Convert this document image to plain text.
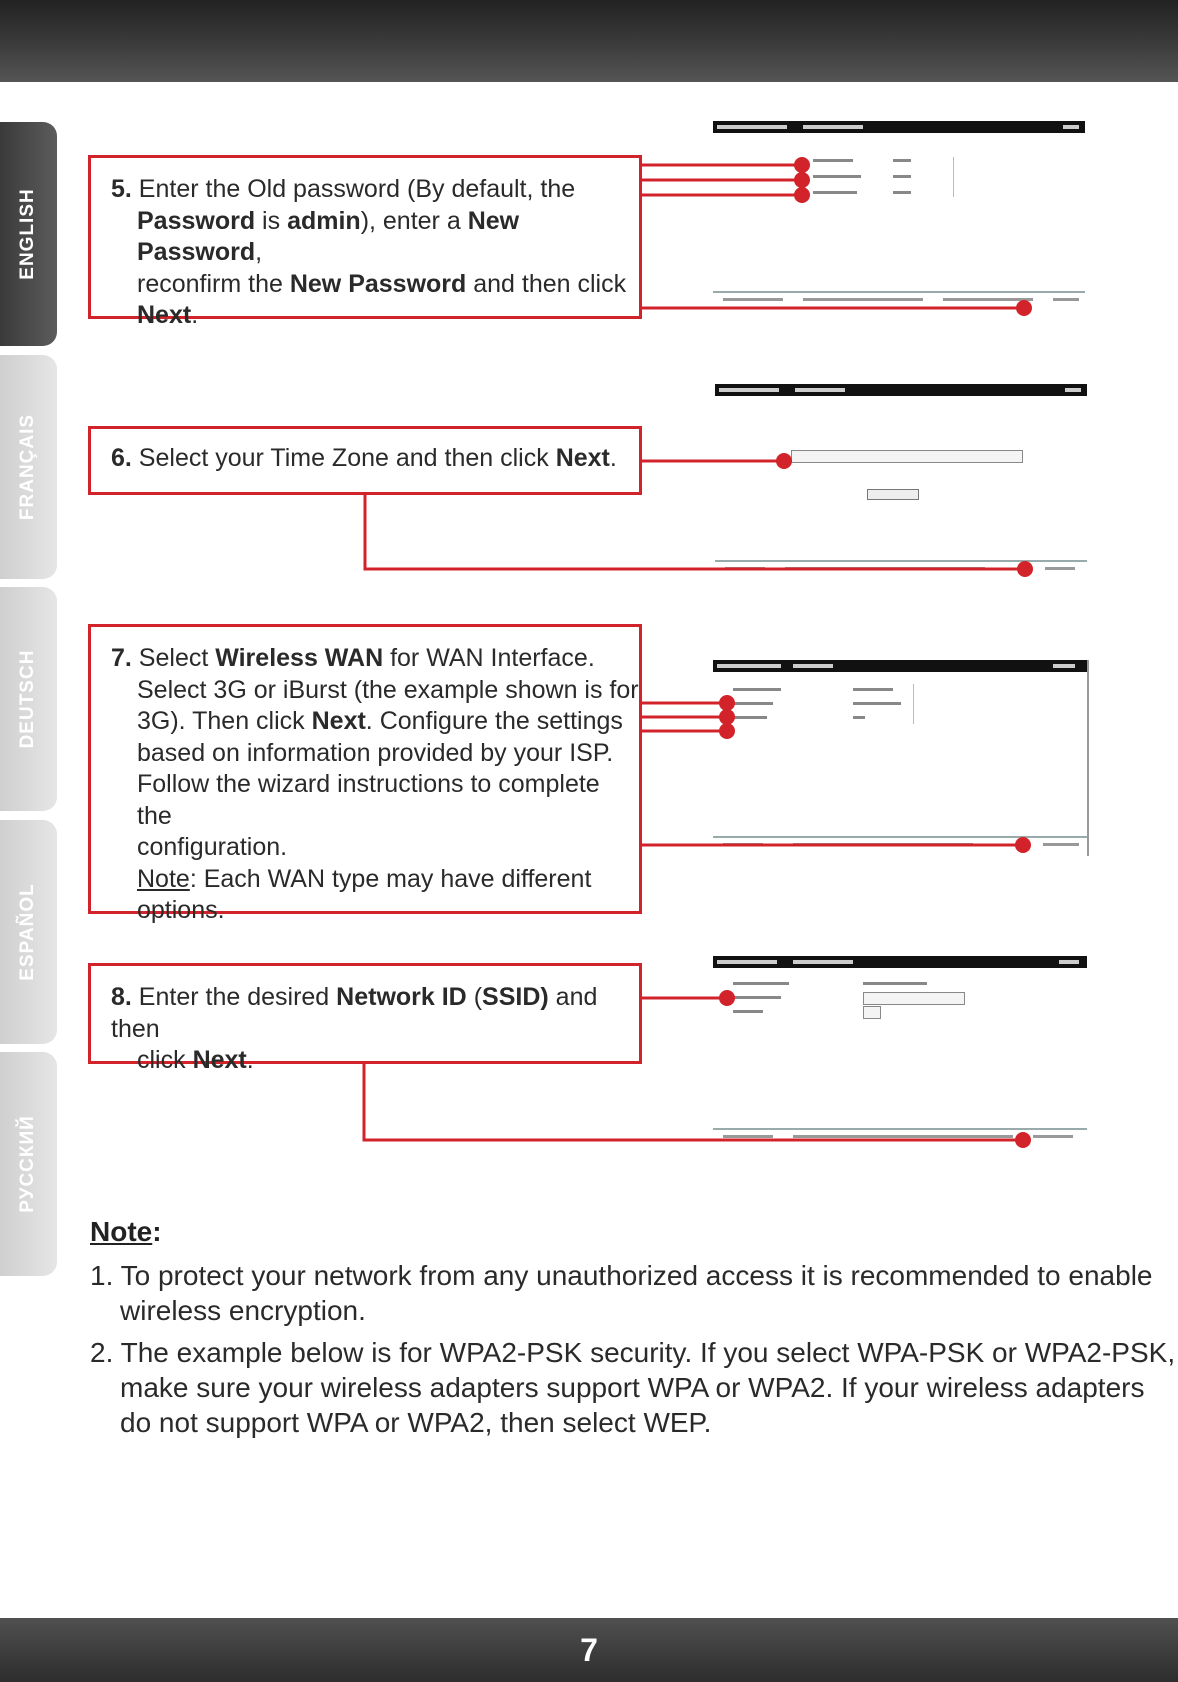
7
ENGLISH
FRANÇAIS
DEUTSCH
ESPAÑOL
РУССКИЙ
5. Enter the Old password (By default, the
Password is admin), enter a New Password,
reconfirm the New Password and then click
Next.
6. Select your Time Zone and then click Next.
7. Select Wireless WAN for WAN Interface.
Select 3G or iBurst (the example shown is for
3G). Then click Next. Configure the settings
based on information provided by your ISP.
Follow the wizard instructions to complete the
configuration.
Note: Each WAN type may have different
options.
8. Enter the desired Network ID (SSID) and then
click Next.
Note:
1. To protect your network from any unauthorized access it is recommended to enable
wireless encryption.
2. The example below is for WPA2-PSK security. If you select WPA-PSK or WPA2-PSK,
make sure your wireless adapters support WPA or WPA2. If your wireless adapters
do not support WPA or WPA2, then select WEP.
